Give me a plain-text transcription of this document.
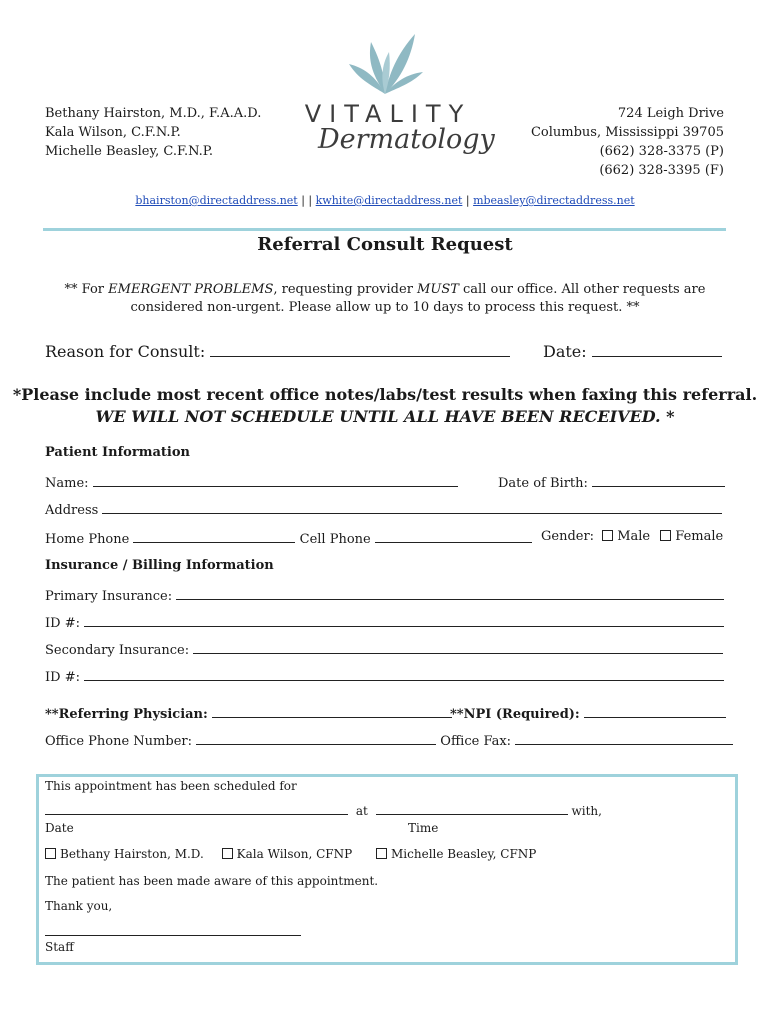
Bethany Hairston, M.D., F.A.A.D.
Kala Wilson, C.F.N.P.
Michelle Beasley, C.F.N.P.
VITALITY
Dermatology
724 Leigh Drive
Columbus, Mississippi 39705
(662) 328-3375 (P)
(662) 328-3395 (F)
bhairston@directaddress.net | | kwhite@directaddress.net | mbeasley@directaddress.net
Referral Consult Request
** For EMERGENT PROBLEMS, requesting provider MUST call our office. All other requests are considered non-urgent. Please allow up to 10 days to process this request. **
Reason for Consult:	Date:
*Please include most recent office notes/labs/test results when faxing this referral.
WE WILL NOT SCHEDULE UNTIL ALL HAVE BEEN RECEIVED. *
Patient Information
Name:	Date of Birth:
Address
Home Phone	Cell Phone	Gender: Male Female
Insurance / Billing Information
Primary Insurance:
ID #:
Secondary Insurance:
ID #:
**Referring Physician:	**NPI (Required):
Office Phone Number:	Office Fax:
This appointment has been scheduled for
at	with,
Date	Time
Bethany Hairston, M.D.	Kala Wilson, CFNP	Michelle Beasley, CFNP
The patient has been made aware of this appointment.
Thank you,
Staff
